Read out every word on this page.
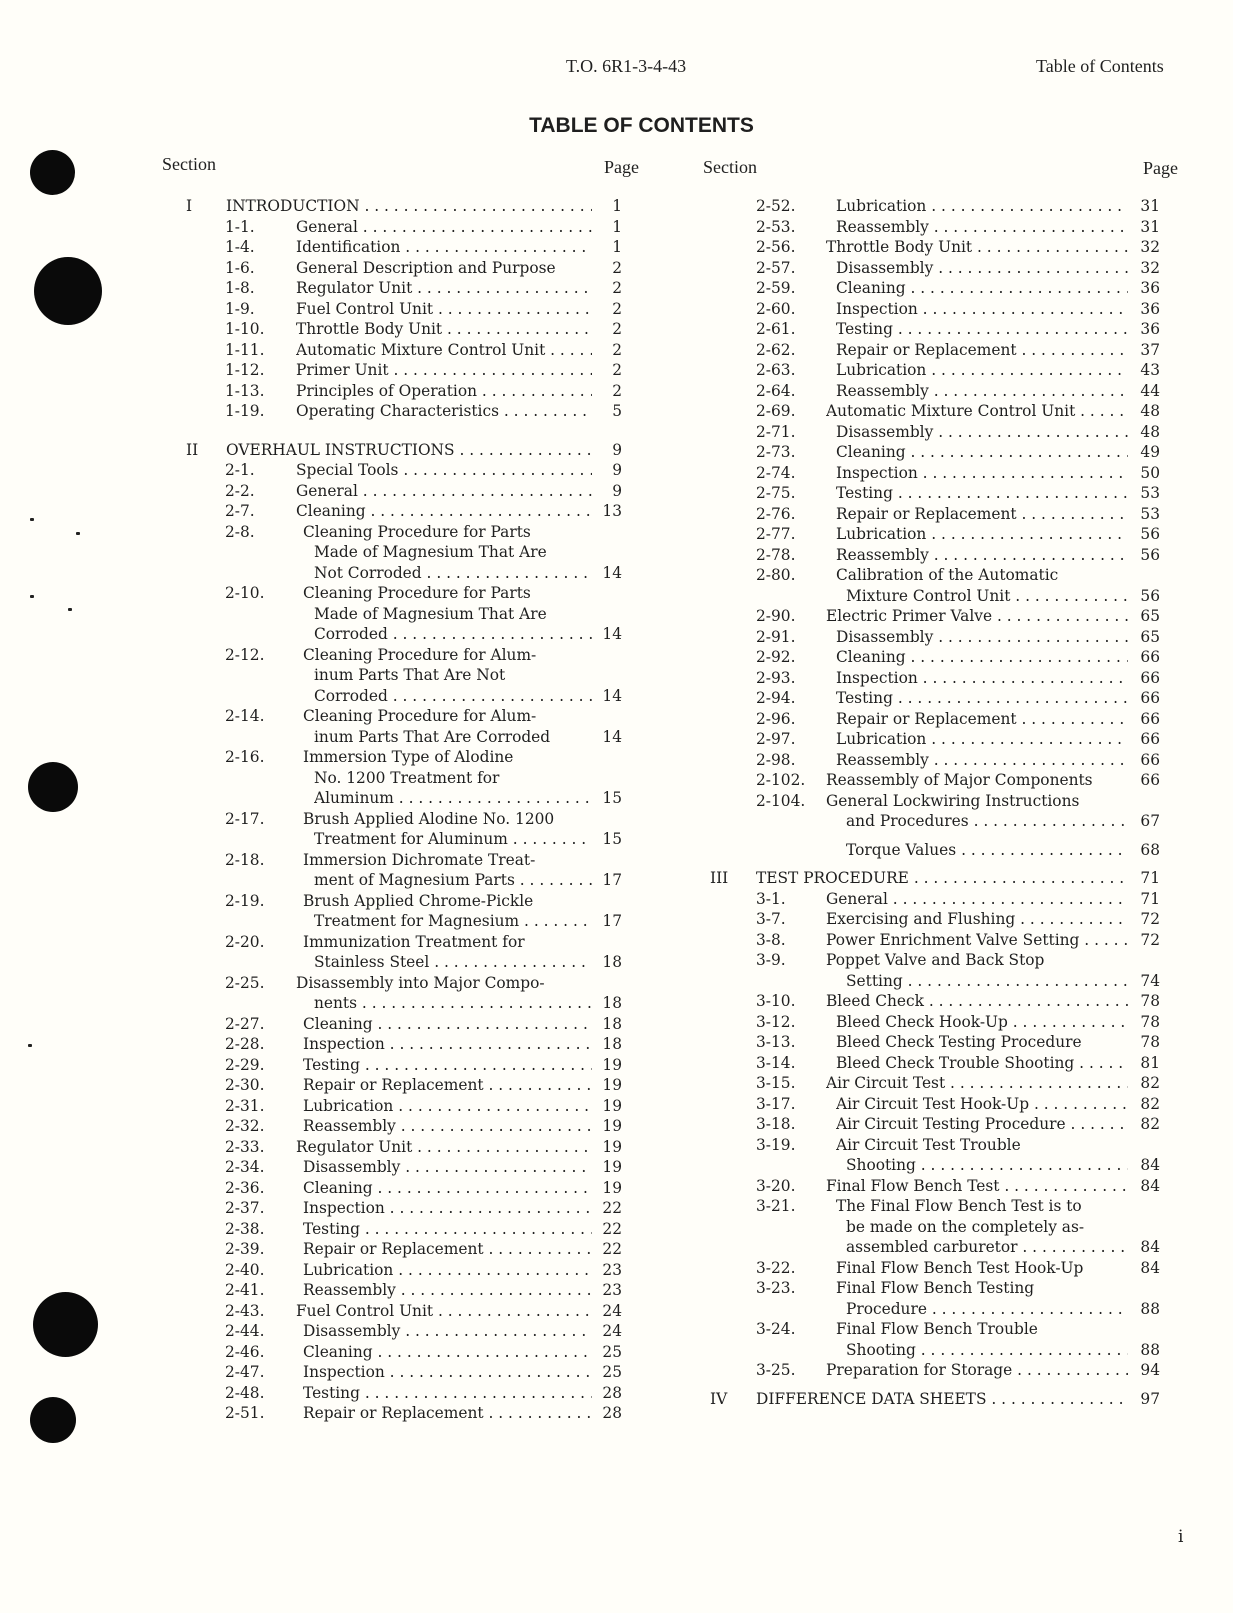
T.O. 6R1-3-4-43	Table of Contents
TABLE OF CONTENTS
Section	Page	Section	Page
I INTRODUCTION . . .	1
1-1.	General . . .	1
1-4.	Identification . . .	1
1-6.	General Description and Purpose	2
1-8.	Regulator Unit . . .	2
1-9.	Fuel Control Unit . . .	2
1-10. Throttle Body Unit . . .	2
1-11. Automatic Mixture Control Unit . . .	2
1-12. Primer Unit . . .	2
1-13. Principles of Operation . . .	2
1-19. Operating Characteristics . . .	5
II OVERHAUL INSTRUCTIONS . . .	9
2-1.	Special Tools . . .	9
2-2.	General . . .	9
2-7.	Cleaning . . .	13
2-8.	Cleaning Procedure for Parts
Made of Magnesium That Are
Not Corroded . . .	14
2-10.	Cleaning Procedure for Parts
Made of Magnesium That Are
Corroded . . .	14
2-12.	Cleaning Procedure for Alum-
inum Parts That Are Not
Corroded . . .	14
2-14.	Cleaning Procedure for Alum-
inum Parts That Are Corroded	14
2-16.	Immersion Type of Alodine
No. 1200 Treatment for
Aluminum . . .	15
2-17.	Brush Applied Alodine No. 1200
Treatment for Aluminum . . .	15
2-18.	Immersion Dichromate Treat-
ment of Magnesium Parts . . .	17
2-19.	Brush Applied Chrome-Pickle
Treatment for Magnesium . . .	17
2-20.	Immunization Treatment for
Stainless Steel . . .	18
2-25. Disassembly into Major Compo-
nents . . .	18
2-27.	Cleaning . . .	18
2-28.	Inspection . . .	18
2-29.	Testing . . .	19
2-30.	Repair or Replacement . . .	19
2-31.	Lubrication . . .	19
2-32.	Reassembly . . .	19
2-33. Regulator Unit . . .	19
2-34.	Disassembly . . .	19
2-36.	Cleaning . . .	19
2-37.	Inspection . . .	22
2-38.	Testing . . .	22
2-39.	Repair or Replacement . . .	22
2-40.	Lubrication . . .	23
2-41.	Reassembly . . .	23
2-43. Fuel Control Unit . . .	24
2-44.	Disassembly . . .	24
2-46.	Cleaning . . .	25
2-47.	Inspection . . .	25
2-48.	Testing . . .	28
2-51.	Repair or Replacement . . .	28
2-52.	Lubrication . . .	31
2-53.	Reassembly . . .	31
2-56. Throttle Body Unit . . .	32
2-57.	Disassembly . . .	32
2-59.	Cleaning . . .	36
2-60.	Inspection . . .	36
2-61.	Testing . . .	36
2-62.	Repair or Replacement . . .	37
2-63.	Lubrication . . .	43
2-64.	Reassembly . . .	44
2-69. Automatic Mixture Control Unit . . .	48
2-71.	Disassembly . . .	48
2-73.	Cleaning . . .	49
2-74.	Inspection . . .	50
2-75.	Testing . . .	53
2-76.	Repair or Replacement . . .	53
2-77.	Lubrication . . .	56
2-78.	Reassembly . . .	56
2-80.	Calibration of the Automatic
Mixture Control Unit . . .	56
2-90. Electric Primer Valve . . .	65
2-91.	Disassembly . . .	65
2-92.	Cleaning . . .	66
2-93.	Inspection . . .	66
2-94.	Testing . . .	66
2-96.	Repair or Replacement . . .	66
2-97.	Lubrication . . .	66
2-98.	Reassembly . . .	66
2-102. Reassembly of Major Components	66
2-104. General Lockwiring Instructions
and Procedures . . .	67
Torque Values . . .	68
III TEST PROCEDURE . . .	71
3-1.	General . . .	71
3-7.	Exercising and Flushing . . .	72
3-8.	Power Enrichment Valve Setting . . .	72
3-9.	Poppet Valve and Back Stop
Setting . . .	74
3-10. Bleed Check . . .	78
3-12.	Bleed Check Hook-Up . . .	78
3-13.	Bleed Check Testing Procedure	78
3-14.	Bleed Check Trouble Shooting . . .	81
3-15. Air Circuit Test . . .	82
3-17.	Air Circuit Test Hook-Up . . .	82
3-18.	Air Circuit Testing Procedure . . .	82
3-19.	Air Circuit Test Trouble
Shooting . . .	84
3-20. Final Flow Bench Test . . .	84
3-21.	The Final Flow Bench Test is to
be made on the completely as-
assembled carburetor . . .	84
3-22.	Final Flow Bench Test Hook-Up	84
3-23.	Final Flow Bench Testing
Procedure . . .	88
3-24.	Final Flow Bench Trouble
Shooting . . .	88
3-25. Preparation for Storage . . .	94
IV DIFFERENCE DATA SHEETS . . .	97
i
